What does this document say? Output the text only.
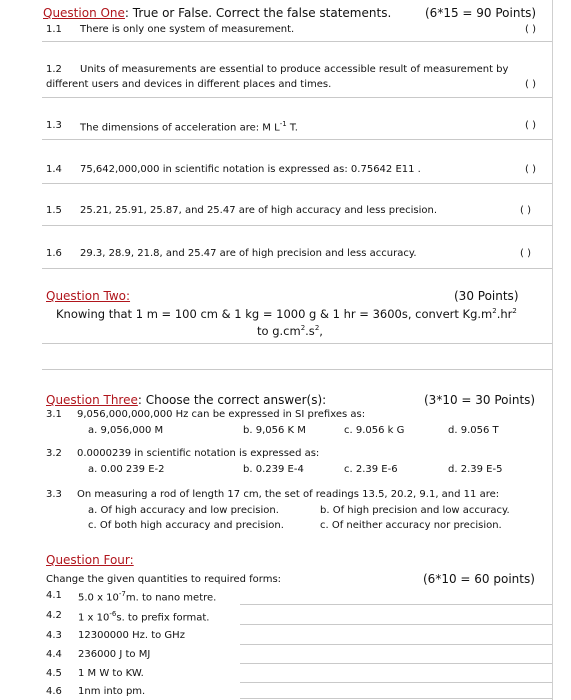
Question One: True or False. Correct the false statements.	(6*15 = 90 Points)
1.1 There is only one system of measurement.	( )
1.2 Units of measurements are essential to produce accessible result of measurement by
different users and devices in different places and times.	( )
1.3 The dimensions of acceleration are: M $L^{-1}$ T.	( )
1.4 75,642,000,000 in scientific notation is expressed as: 0.75642 E11 .	( )
1.5 25.21, 25.91, 25.87, and 25.47 are of high accuracy and less precision.	( )
1.6 29.3, 28.9, 21.8, and 25.47 are of high precision and less accuracy.	( )
Question Two:	(30 Points)
Knowing that 1 m = 100 cm & 1 kg = 1000 g & 1 hr = 3600s, convert $Kg.m^2.hr^2$
to $g.cm^2.s^2$,
Question Three: Choose the correct answer(s):	(3*10 = 30 Points)
3.1 9,056,000,000,000 Hz can be expressed in SI prefixes as:
a. 9,056,000 M	b. 9,056 K M	c. 9.056 k G	d. 9.056 T
3.2 0.0000239 in scientific notation is expressed as:
a. 0.00 239 E-2	b. 0.239 E-4	c. 2.39 E-6	d. 2.39 E-5
3.3 On measuring a rod of length 17 cm, the set of readings 13.5, 20.2, 9.1, and 11 are:
a. Of high accuracy and low precision.	b. Of high precision and low accuracy.
c. Of both high accuracy and precision.	c. Of neither accuracy nor precision.
Question Four:
Change the given quantities to required forms:	(6*10 = 60 points)
4.1 5.0 x $10^{-7}m$. to nano metre.
4.2 1 x $10^{-6}s$. to prefix format.
4.3 12300000 Hz. to GHz
4.4 236000 J to MJ
4.5 1 M W to KW.
4.6 1nm into pm.
